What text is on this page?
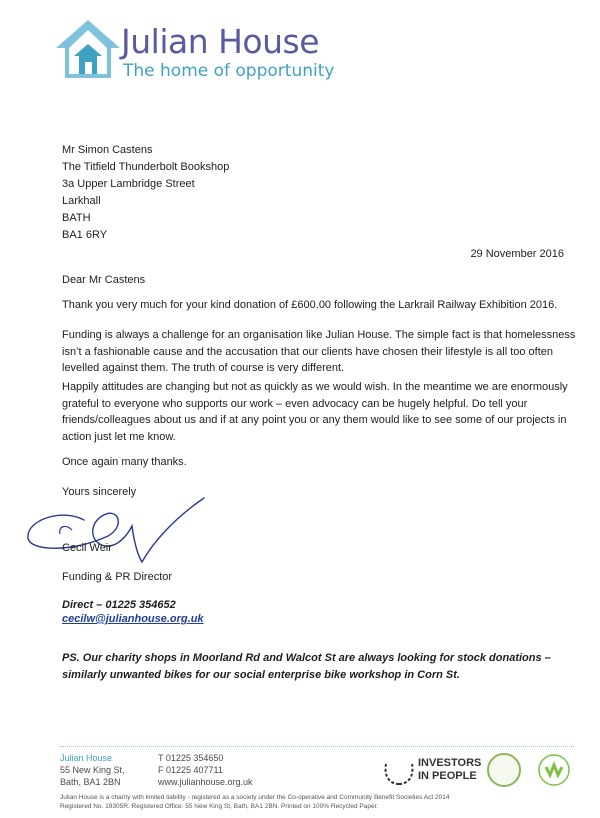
Julian House
The home of opportunity
Mr Simon Castens
The Titfield Thunderbolt Bookshop
3a Upper Lambridge Street
Larkhall
BATH
BA1 6RY
29 November 2016
Dear Mr Castens
Thank you very much for your kind donation of £600.00 following the Larkrail Railway Exhibition 2016.
Funding is always a challenge for an organisation like Julian House. The simple fact is that homelessness isn’t a fashionable cause and the accusation that our clients have chosen their lifestyle is all too often levelled against them. The truth of course is very different.
Happily attitudes are changing but not as quickly as we would wish. In the meantime we are enormously grateful to everyone who supports our work – even advocacy can be hugely helpful. Do tell your friends/colleagues about us and if at any point you or any them would like to see some of our projects in action just let me know.
Once again many thanks.
Yours sincerely
Cecil Weir
Funding & PR Director
Direct – 01225 354652
cecilw@julianhouse.org.uk
PS. Our charity shops in Moorland Rd and Walcot St are always looking for stock donations – similarly unwanted bikes for our social enterprise bike workshop in Corn St.
Julian House
55 New King St,
Bath, BA1 2BN
T 01225 354650
F 01225 407711
www.julianhouse.org.uk
INVESTORS
IN PEOPLE
Julian House is a charity with limited liability - registered as a society under the Co-operative and Community Benefit Societies Act 2014
Registered No. 19305R. Registered Office: 55 New King St, Bath, BA1 2BN. Printed on 100% Recycled Paper.
